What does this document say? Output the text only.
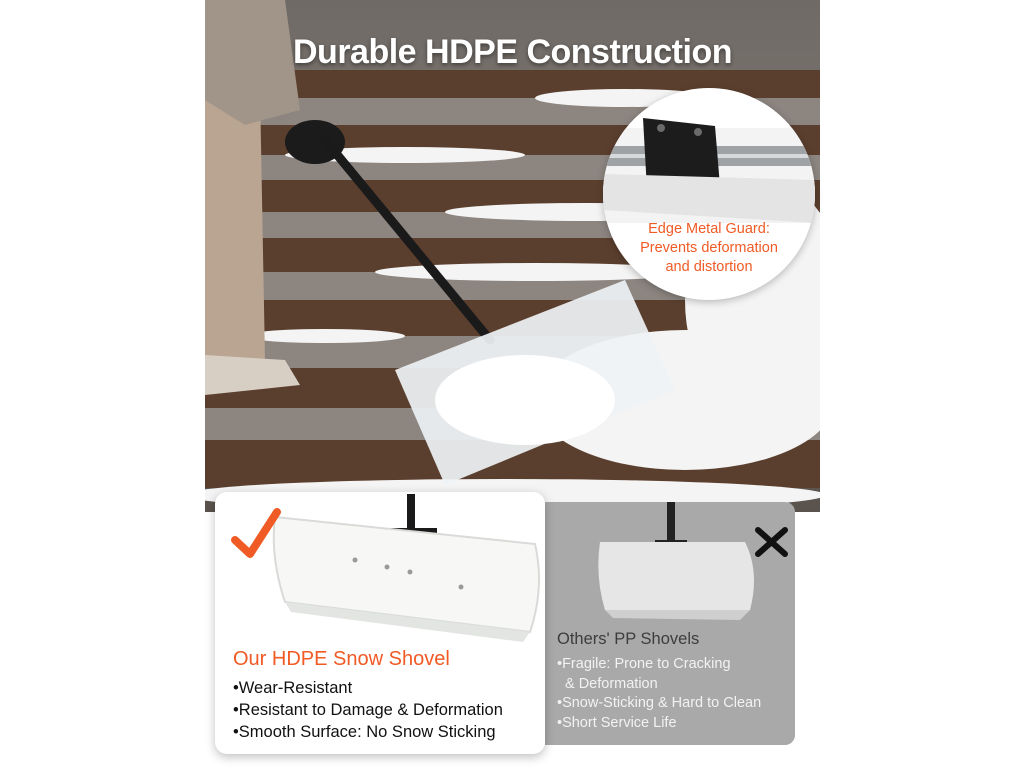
Durable HDPE Construction
Edge Metal Guard:
Prevents deformation
and distortion
Others' PP Shovels
•Fragile: Prone to Cracking
& Deformation
•Snow-Sticking & Hard to Clean
•Short Service Life
Our HDPE Snow Shovel
•Wear-Resistant
•Resistant to Damage & Deformation
•Smooth Surface: No Snow Sticking
